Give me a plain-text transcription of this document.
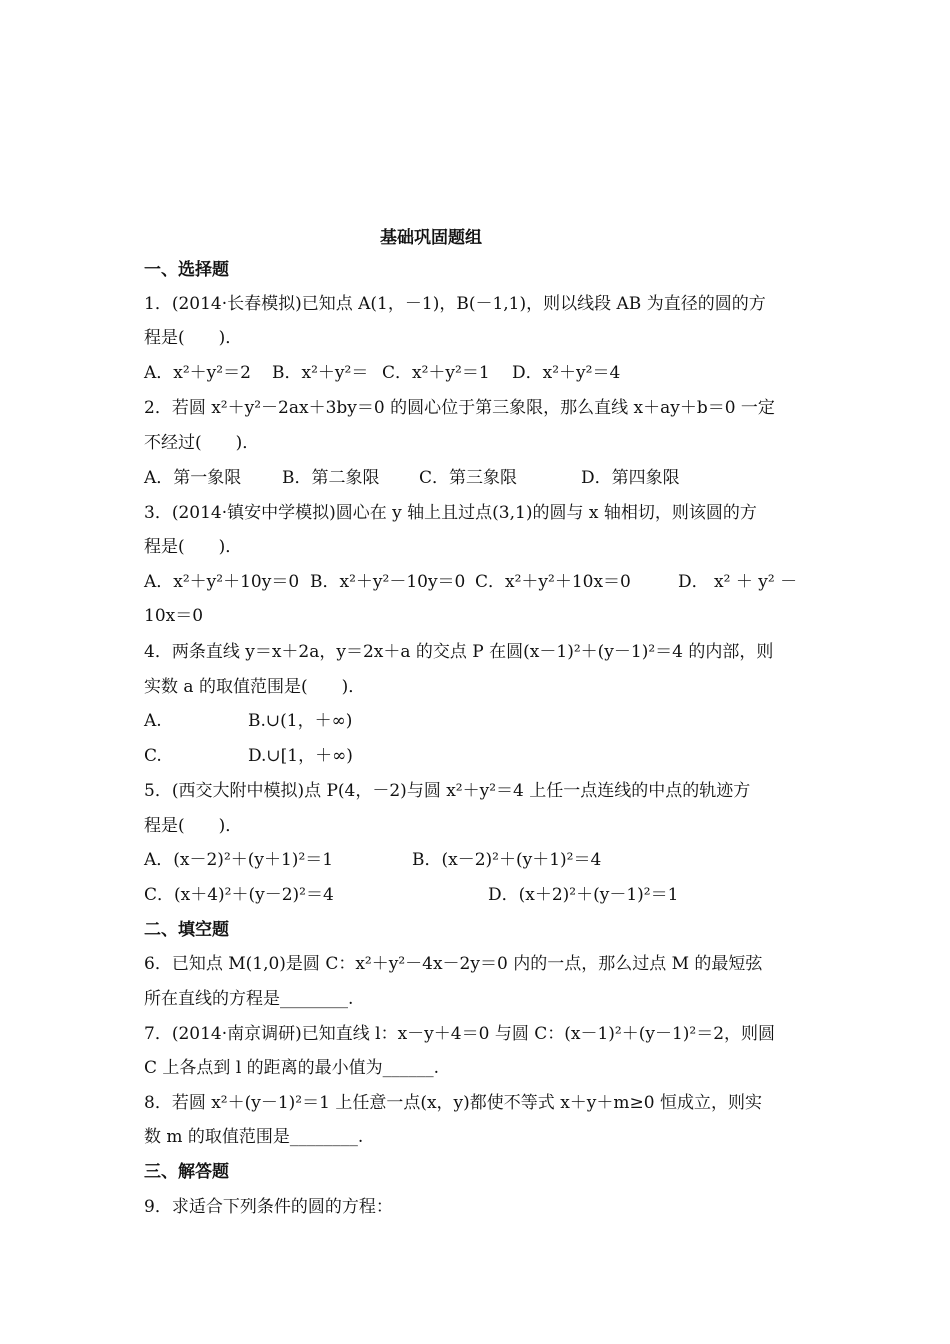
基础巩固题组
一、选择题
1．(2014·长春模拟)已知点 A(1，－1)，B(－1,1)，则以线段 AB 为直径的圆的方
程是(　　)．
A．x²＋y²＝2 B．x²＋y²＝ C．x²＋y²＝1 D．x²＋y²＝4
2．若圆 x²＋y²－2ax＋3by＝0 的圆心位于第三象限，那么直线 x＋ay＋b＝0 一定
不经过(　　)．
A．第一象限 B．第二象限 C．第三象限	D．第四象限
3．(2014·镇安中学模拟)圆心在 y 轴上且过点(3,1)的圆与 x 轴相切，则该圆的方
程是(　　)．
A．x²＋y²＋10y＝0 B．x²＋y²－10y＝0 C．x²＋y²＋10x＝0	D． x² ＋ y² －
10x＝0
4．两条直线 y＝x＋2a，y＝2x＋a 的交点 P 在圆(x－1)²＋(y－1)²＝4 的内部，则
实数 a 的取值范围是(　　)．
A.	B.∪(1，＋∞)
C.	D.∪[1，＋∞)
5．(西交大附中模拟)点 P(4，－2)与圆 x²＋y²＝4 上任一点连线的中点的轨迹方
程是(　　)．
A．(x－2)²＋(y＋1)²＝1	B．(x－2)²＋(y＋1)²＝4
C．(x＋4)²＋(y－2)²＝4	D．(x＋2)²＋(y－1)²＝1
二、填空题
6．已知点 M(1,0)是圆 C：x²＋y²－4x－2y＝0 内的一点，那么过点 M 的最短弦
所在直线的方程是________.
7．(2014·南京调研)已知直线 l：x－y＋4＝0 与圆 C：(x－1)²＋(y－1)²＝2，则圆
C 上各点到 l 的距离的最小值为______.
8．若圆 x²＋(y－1)²＝1 上任意一点(x，y)都使不等式 x＋y＋m≥0 恒成立，则实
数 m 的取值范围是________.
三、解答题
9．求适合下列条件的圆的方程：
